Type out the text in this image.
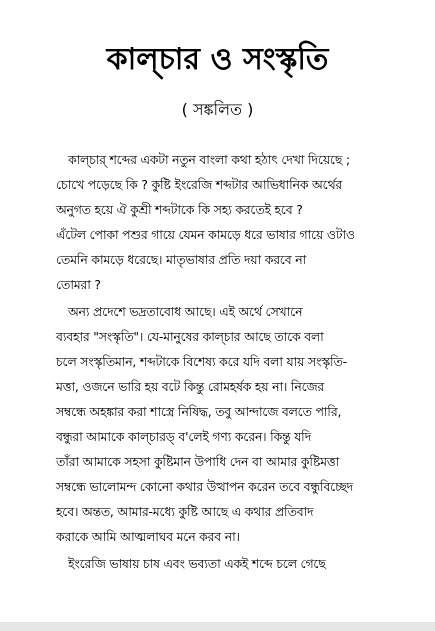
কাল্‌চার ও সংস্কৃতি
( সঙ্কলিত )
কাল্‌চার্‌ শব্দের একটা নতুন বাংলা কথা হঠাৎ দেখা দিয়েছে ;
চোখে পড়েছে কি ? কুষ্টি ইংরেজি শব্দটার আভিধানিক অর্থের
অনুগত হয়ে ঐ কুশ্রী শব্দটাকে কি সহ্য করতেই হবে ?
এঁটেল পোকা পশুর গায়ে যেমন কামড়ে ধরে ভাষার গায়ে ওটাও
তেমনি কামড়ে ধরেছে। মাতৃভাষার প্রতি দয়া করবে না
তোমরা ?
অন্য প্রদেশে ভদ্রতাবোধ আছে। এই অর্থে সেখানে
ব্যবহার "সংস্কৃতি"। যে-মানুষের কাল্‌চার আছে তাকে বলা
চলে সংস্কৃতিমান, শব্দটাকে বিশেষ্য করে যদি বলা যায় সংস্কৃতি-
মত্তা, ওজনে ভারি হয় বটে কিন্তু রোমহর্ষক হয় না। নিজের
সম্বন্ধে অহঙ্কার করা শাস্ত্রে নিষিদ্ধ, তবু আন্দাজে বলতে পারি,
বন্ধুরা আমাকে কাল্‌চারড্‌ ব'লেই গণ্য করেন। কিন্তু যদি
তাঁরা আমাকে সহসা কুষ্টিমান উপাধি দেন বা আমার কুষ্টিমত্তা
সম্বন্ধে ভালোমন্দ কোনো কথার উত্থাপন করেন তবে বন্ধুবিচ্ছেদ
হবে। অন্তত, আমার-মধ্যে কুষ্টি আছে এ কথার প্রতিবাদ
করাকে আমি আত্মলাঘব মনে করব না।
ইংরেজি ভাষায় চাষ এবং ভব্যতা একই শব্দে চলে গেছে
